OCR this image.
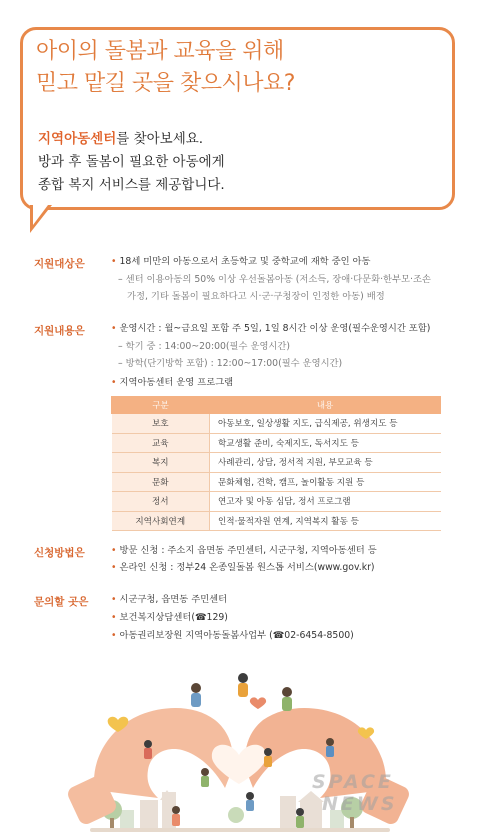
아이의 돌봄과 교육을 위해
믿고 맡길 곳을 찾으시나요?
지역아동센터를 찾아보세요.
방과 후 돌봄이 필요한 아동에게
종합 복지 서비스를 제공합니다.
지원대상은	• 18세 미만의 아동으로서 초등학교 및 중학교에 재학 중인 아동
– 센터 이용아동의 50% 이상 우선돌봄아동 (저소득, 장애·다문화·한부모·조손
가정, 기타 돌봄이 필요하다고 시·군·구청장이 인정한 아동) 배정
지원내용은	• 운영시간 : 월~금요일 포함 주 5일, 1일 8시간 이상 운영(필수운영시간 포함)
– 학기 중 : 14:00~20:00(필수 운영시간)
– 방학(단기방학 포함) : 12:00~17:00(필수 운영시간)
• 지역아동센터 운영 프로그램
구분	내용
보호	아동보호, 일상생활 지도, 급식제공, 위생지도 등
교육	학교생활 준비, 숙제지도, 독서지도 등
복지	사례관리, 상담, 정서적 지원, 부모교육 등
문화	문화체험, 견학, 캠프, 놀이활동 지원 등
정서	연고자 및 아동 심담, 정서 프로그램
지역사회연계	인적·물적자원 연계, 지역복지 활동 등
신청방법은	• 방문 신청 : 주소지 읍면동 주민센터, 시군구청, 지역아동센터 등
• 온라인 신청 : 정부24 온종일돌봄 원스톱 서비스(www.gov.kr)
문의할 곳은	• 시군구청, 읍면동 주민센터
• 보건복지상담센터(☎129)
• 아동권리보장원 지역아동돌봄사업부 (☎02-6454-8500)
SPACE
NEWS
